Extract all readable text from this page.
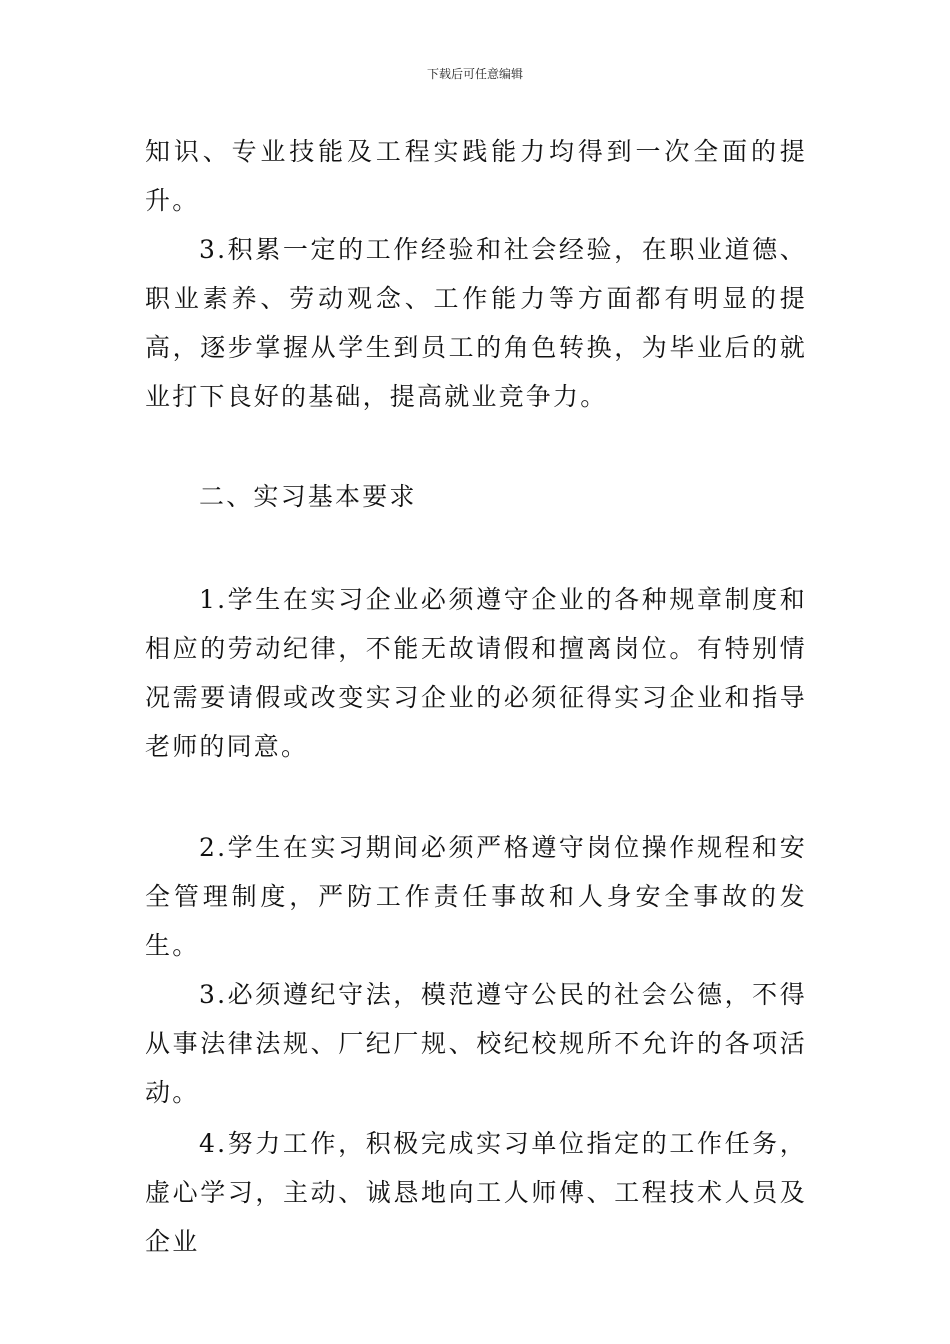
下载后可任意编辑

知识、专业技能及工程实践能力均得到一次全面的提升。

3.积累一定的工作经验和社会经验，在职业道德、职业素养、劳动观念、工作能力等方面都有明显的提高，逐步掌握从学生到员工的角色转换，为毕业后的就业打下良好的基础，提高就业竞争力。

二、实习基本要求

1.学生在实习企业必须遵守企业的各种规章制度和相应的劳动纪律，不能无故请假和擅离岗位。有特别情况需要请假或改变实习企业的必须征得实习企业和指导老师的同意。

2.学生在实习期间必须严格遵守岗位操作规程和安全管理制度，严防工作责任事故和人身安全事故的发生。

3.必须遵纪守法，模范遵守公民的社会公德，不得从事法律法规、厂纪厂规、校纪校规所不允许的各项活动。

4.努力工作，积极完成实习单位指定的工作任务，虚心学习，主动、诚恳地向工人师傅、工程技术人员及企业
